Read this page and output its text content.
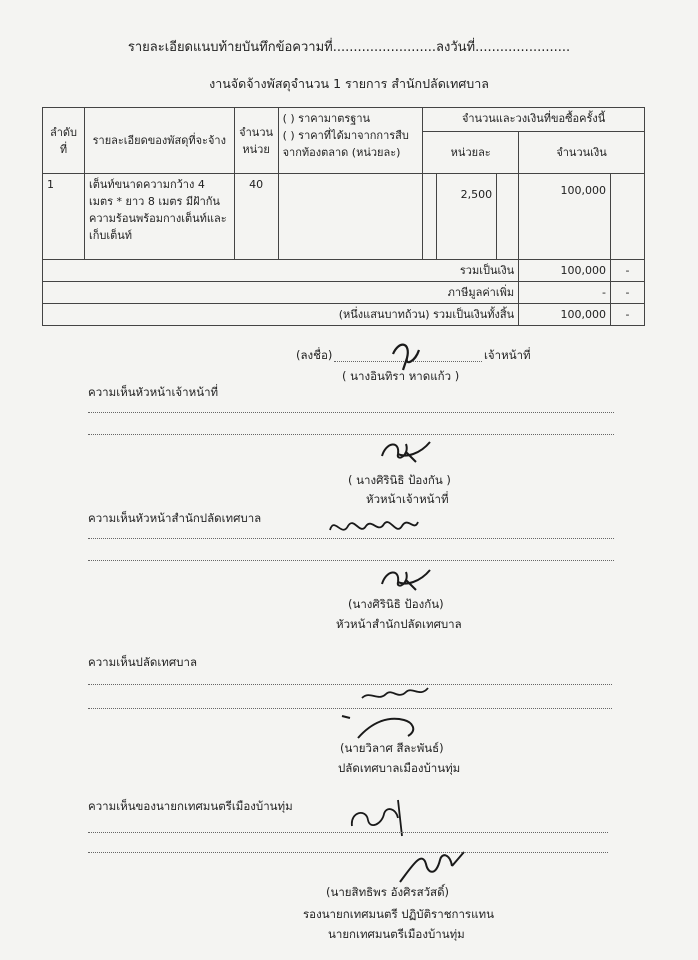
รายละเอียดแนบท้ายบันทึกข้อความที่.........................ลงวันที่.......................
งานจัดจ้างพัสดุจำนวน 1 รายการ สำนักปลัดเทศบาล
ลำดับที่	รายละเอียดของพัสดุที่จะจ้าง	จำนวนหน่วย	( ) ราคามาตรฐาน
( ) ราคาที่ได้มาจากการสืบจากท้องตลาด (หน่วยละ)	จำนวนและวงเงินที่ขอซื้อครั้งนี้				
				หน่วยละ			จำนวนเงิน	
1	เต็นท์ขนาดความกว้าง 4 เมตร * ยาว 8 เมตร มีฝ้ากัน ความร้อนพร้อมกางเต็นท์และเก็บเต็นท์	40			2,500		100,000	
รวมเป็นเงิน							100,000	-
ภาษีมูลค่าเพิ่ม							-	-
(หนึ่งแสนบาทถ้วน) รวมเป็นเงินทั้งสิ้น							100,000	-
(ลงชื่อ)	เจ้าหน้าที่
( นางอินทิรา หาดแก้ว )
ความเห็นหัวหน้าเจ้าหน้าที่
( นางศิรินิธิ ป้องกัน )
หัวหน้าเจ้าหน้าที่
ความเห็นหัวหน้าสำนักปลัดเทศบาล
(นางศิรินิธิ ป้องกัน)
หัวหน้าสำนักปลัดเทศบาล
ความเห็นปลัดเทศบาล
(นายวิลาศ สีละพันธ์)
ปลัดเทศบาลเมืองบ้านทุ่ม
ความเห็นของนายกเทศมนตรีเมืองบ้านทุ่ม
(นายสิทธิพร อังศิรสวัสดิ์)
รองนายกเทศมนตรี ปฏิบัติราชการแทน
นายกเทศมนตรีเมืองบ้านทุ่ม
